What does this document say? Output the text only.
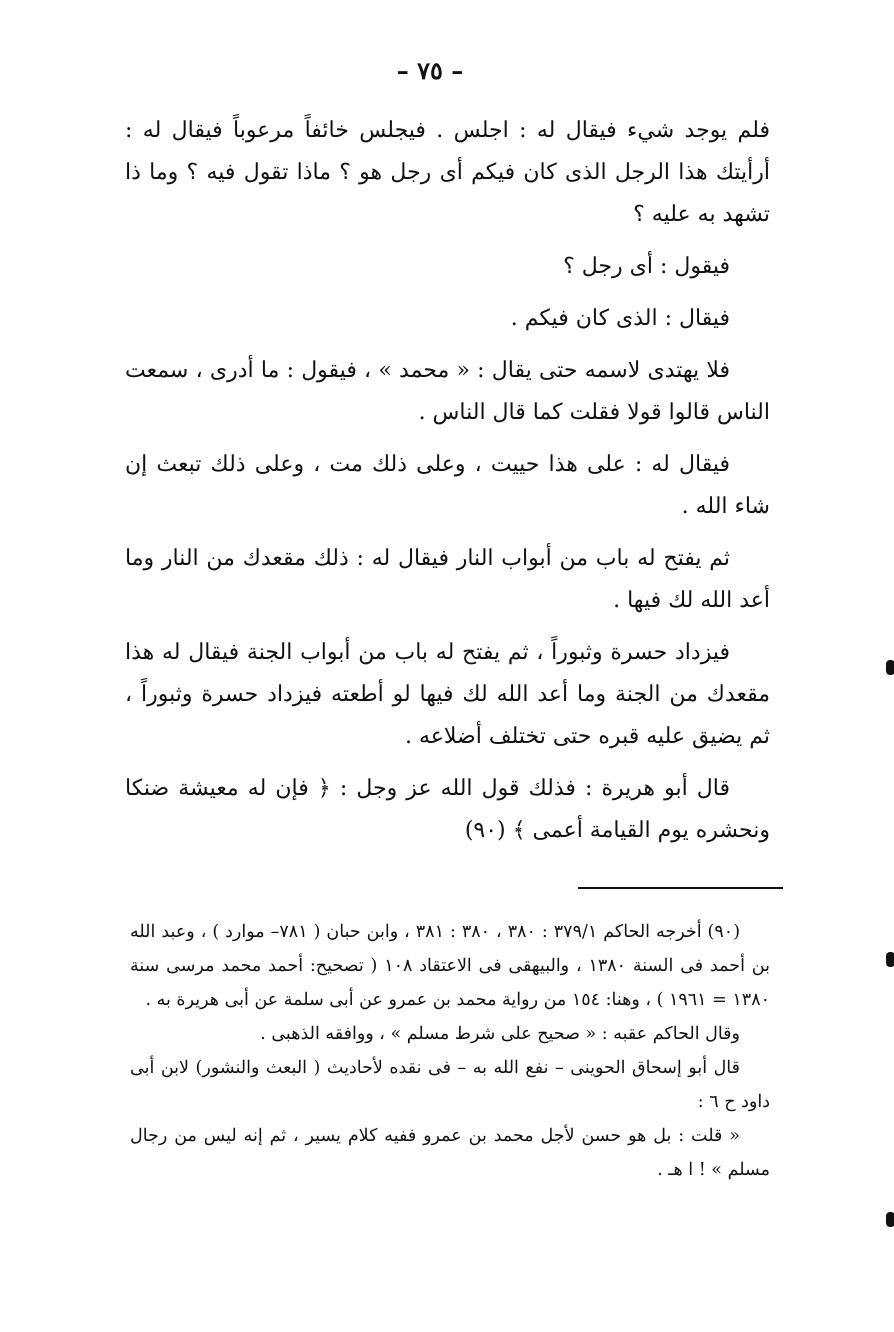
– ٧٥ –

فلم يوجد شيء فيقال له : اجلس . فيجلس خائفاً مرعوباً فيقال له : أرأيتك هذا الرجل الذى كان فيكم أى رجل هو ؟ ماذا تقول فيه ؟ وما ذا تشهد به عليه ؟

فيقول : أى رجل ؟

فيقال : الذى كان فيكم .

فلا يهتدى لاسمه حتى يقال : « محمد » ، فيقول : ما أدرى ، سمعت الناس قالوا قولا فقلت كما قال الناس .

فيقال له : على هذا حييت ، وعلى ذلك مت ، وعلى ذلك تبعث إن شاء الله .

ثم يفتح له باب من أبواب النار فيقال له : ذلك مقعدك من النار وما أعد الله لك فيها .

فيزداد حسرة وثبوراً ، ثم يفتح له باب من أبواب الجنة فيقال له هذا مقعدك من الجنة وما أعد الله لك فيها لو أطعته فيزداد حسرة وثبوراً ، ثم يضيق عليه قبره حتى تختلف أضلاعه .

قال أبو هريرة : فذلك قول الله عز وجل : ﴿ فإن له معيشة ضنكا ونحشره يوم القيامة أعمى ﴾ (٩٠)

(٩٠) أخرجه الحاكم ٣٧٩/١ : ٣٨٠ ، ٣٨٠ : ٣٨١ ، وابن حبان ( ٧٨١– موارد ) ، وعبد الله بن أحمد فى السنة ١٣٨٠ ، والبيهقى فى الاعتقاد ١٠٨ ( تصحيح: أحمد محمد مرسى سنة ١٣٨٠ = ١٩٦١ ) ، وهنا: ١٥٤ من رواية محمد بن عمرو عن أبى سلمة عن أبى هريرة به .

وقال الحاكم عقبه : « صحيح على شرط مسلم » ، ووافقه الذهبى .

قال أبو إسحاق الحوينى – نفع الله به – فى نقده لأحاديث ( البعث والنشور) لابن أبى داود ح ٦ :

« قلت : بل هو حسن لأجل محمد بن عمرو ففيه كلام يسير ، ثم إنه ليس من رجال مسلم » ! ا هـ .
